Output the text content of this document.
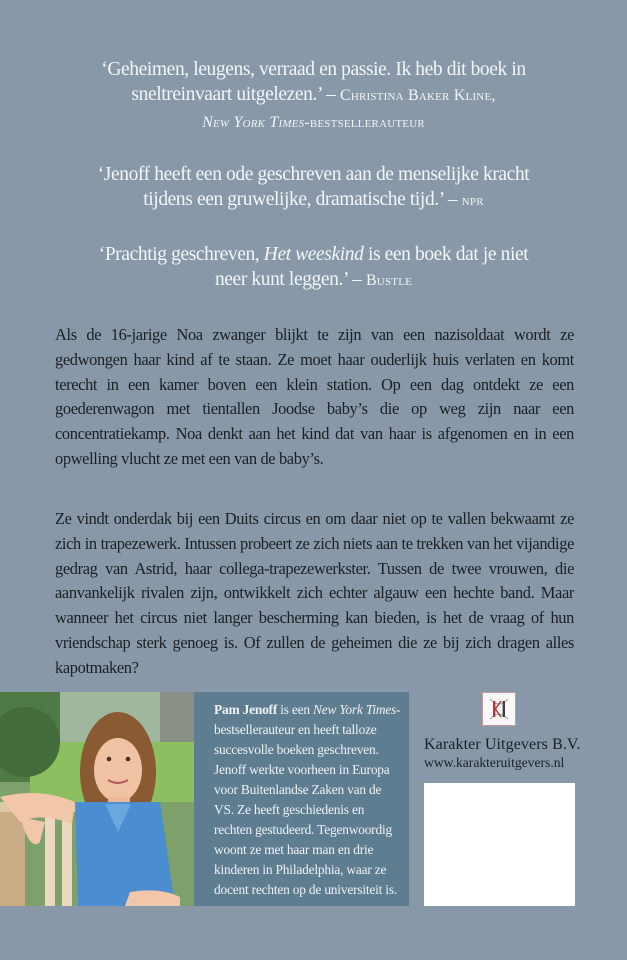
‘Geheimen, leugens, verraad en passie. Ik heb dit boek in
sneltreinvaart uitgelezen.’ – Christina Baker Kline,
New York Times-bestsellerauteur
‘Jenoff heeft een ode geschreven aan de menselijke kracht
tijdens een gruwelijke, dramatische tijd.’ – npr
‘Prachtig geschreven, Het weeskind is een boek dat je niet
neer kunt leggen.’ – Bustle

Als de 16-jarige Noa zwanger blijkt te zijn van een nazisoldaat wordt ze gedwongen haar kind af te staan. Ze moet haar ouderlijk huis verlaten en komt terecht in een kamer boven een klein station. Op een dag ontdekt ze een goederenwagon met tientallen Joodse baby’s die op weg zijn naar een concentratiekamp. Noa denkt aan het kind dat van haar is afgenomen en in een opwelling vlucht ze met een van de baby’s.

Ze vindt onderdak bij een Duits circus en om daar niet op te vallen bekwaamt ze zich in trapezewerk. Intussen probeert ze zich niets aan te trekken van het vijandige gedrag van Astrid, haar collega-trapezewerkster. Tussen de twee vrouwen, die aanvankelijk rivalen zijn, ontwikkelt zich echter algauw een hechte band. Maar wanneer het circus niet langer bescherming kan bieden, is het de vraag of hun vriendschap sterk genoeg is. Of zullen de geheimen die ze bij zich dragen alles kapotmaken?

Pam Jenoff is een New York Times-bestsellerauteur en heeft talloze succesvolle boeken geschreven. Jenoff werkte voorheen in Europa voor Buitenlandse Zaken van de VS. Ze heeft geschiedenis en rechten gestudeerd. Tegenwoordig woont ze met haar man en drie kinderen in Philadelphia, waar ze docent rechten op de universiteit is.
Karakter Uitgevers B.V.
www.karakteruitgevers.nl
